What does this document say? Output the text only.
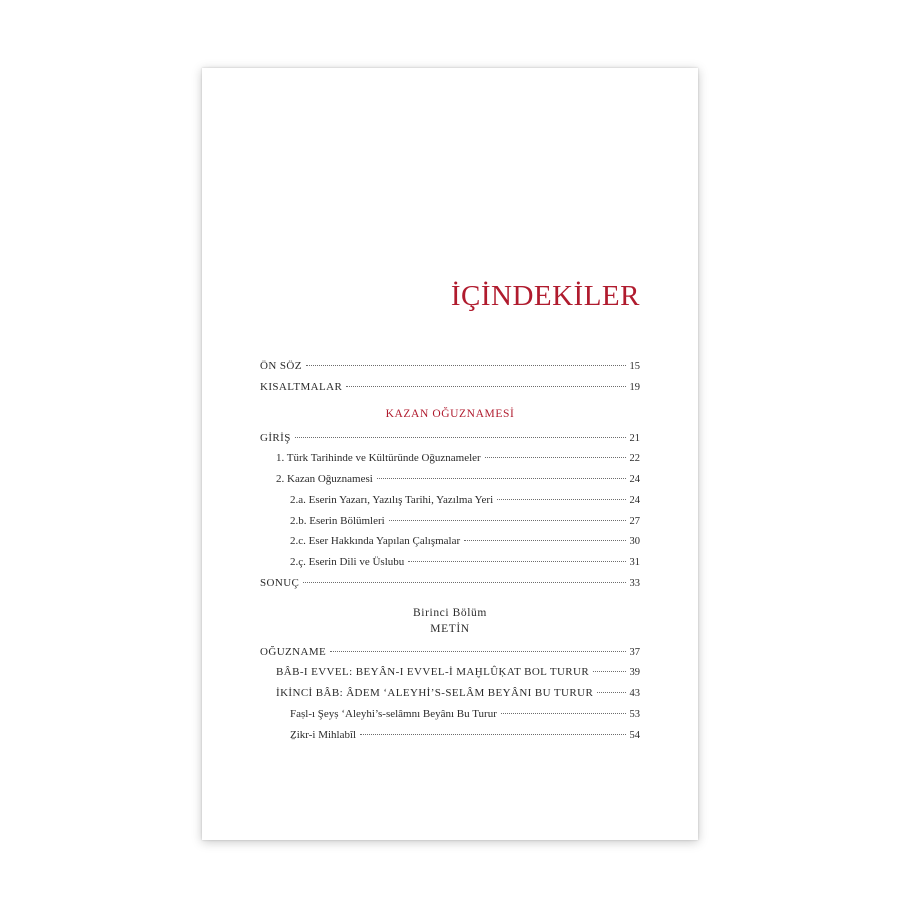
İÇİNDEKİLER
ÖN SÖZ	15
KISALTMALAR	19
KAZAN OĞUZNAMESİ
GİRİŞ	21
1. Türk Tarihinde ve Kültüründe Oğuznameler	22
2. Kazan Oğuznamesi	24
2.a. Eserin Yazarı, Yazılış Tarihi, Yazılma Yeri	24
2.b. Eserin Bölümleri	27
2.c. Eser Hakkında Yapılan Çalışmalar	30
2.ç. Eserin Dili ve Üslubu	31
SONUÇ	33
Birinci Bölüm
METİN
OĞUZNAME	37
BÂB-I EVVEL: BEYÂN-I EVVEL-İ MAḪLÛḲAT BOL TURUR	39
İKİNCİ BÂB: ÂDEM ‘ALEYHİ’S-SELÂM BEYÂNI BU TURUR	43
Faṣl-ı Şeyṣ ‘Aleyhi’s-selâmnı Beyânı Bu Turur	53
Ẕikr-i Mihlabîl	54
